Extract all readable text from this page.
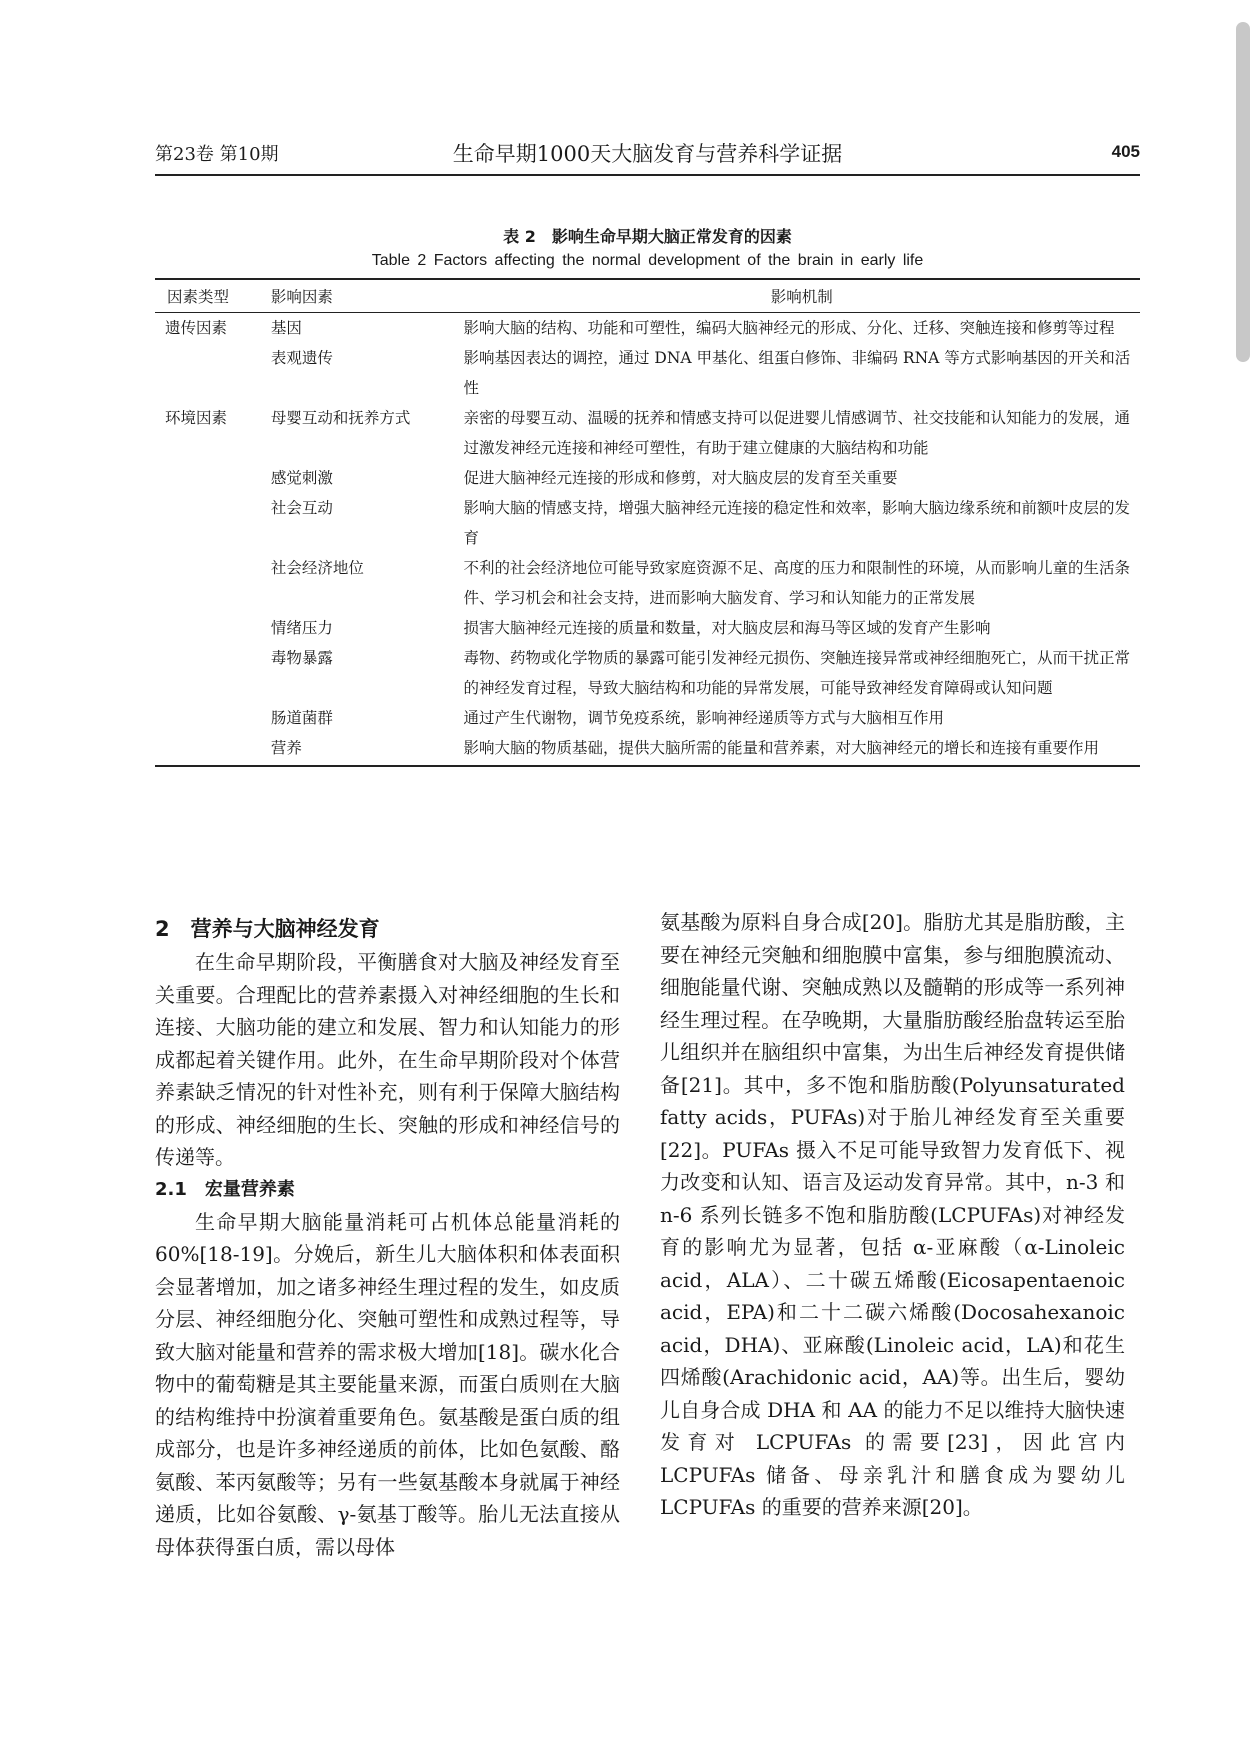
第23卷 第10期	生命早期1000天大脑发育与营养科学证据	405
表 2　影响生命早期大脑正常发育的因素
Table 2 Factors affecting the normal development of the brain in early life
因素类型	影响因素	影响机制
遗传因素	基因	影响大脑的结构、功能和可塑性，编码大脑神经元的形成、分化、迁移、突触连接和修剪等过程
	表观遗传	影响基因表达的调控，通过 DNA 甲基化、组蛋白修饰、非编码 RNA 等方式影响基因的开关和活性
环境因素	母婴互动和抚养方式	亲密的母婴互动、温暖的抚养和情感支持可以促进婴儿情感调节、社交技能和认知能力的发展，通过激发神经元连接和神经可塑性，有助于建立健康的大脑结构和功能
	感觉刺激	促进大脑神经元连接的形成和修剪，对大脑皮层的发育至关重要
	社会互动	影响大脑的情感支持，增强大脑神经元连接的稳定性和效率，影响大脑边缘系统和前额叶皮层的发育
	社会经济地位	不利的社会经济地位可能导致家庭资源不足、高度的压力和限制性的环境，从而影响儿童的生活条件、学习机会和社会支持，进而影响大脑发育、学习和认知能力的正常发展
	情绪压力	损害大脑神经元连接的质量和数量，对大脑皮层和海马等区域的发育产生影响
	毒物暴露	毒物、药物或化学物质的暴露可能引发神经元损伤、突触连接异常或神经细胞死亡，从而干扰正常的神经发育过程，导致大脑结构和功能的异常发展，可能导致神经发育障碍或认知问题
	肠道菌群	通过产生代谢物，调节免疫系统，影响神经递质等方式与大脑相互作用
	营养	影响大脑的物质基础，提供大脑所需的能量和营养素，对大脑神经元的增长和连接有重要作用
2　营养与大脑神经发育

在生命早期阶段，平衡膳食对大脑及神经发育至关重要。合理配比的营养素摄入对神经细胞的生长和连接、大脑功能的建立和发展、智力和认知能力的形成都起着关键作用。此外，在生命早期阶段对个体营养素缺乏情况的针对性补充，则有利于保障大脑结构的形成、神经细胞的生长、突触的形成和神经信号的传递等。

2.1　宏量营养素

生命早期大脑能量消耗可占机体总能量消耗的 60%[18-19]。分娩后，新生儿大脑体积和体表面积会显著增加，加之诸多神经生理过程的发生，如皮质分层、神经细胞分化、突触可塑性和成熟过程等，导致大脑对能量和营养的需求极大增加[18]。碳水化合物中的葡萄糖是其主要能量来源，而蛋白质则在大脑的结构维持中扮演着重要角色。氨基酸是蛋白质的组成部分，也是许多神经递质的前体，比如色氨酸、酪氨酸、苯丙氨酸等；另有一些氨基酸本身就属于神经递质，比如谷氨酸、γ-氨基丁酸等。胎儿无法直接从母体获得蛋白质，需以母体

氨基酸为原料自身合成[20]。脂肪尤其是脂肪酸，主要在神经元突触和细胞膜中富集，参与细胞膜流动、细胞能量代谢、突触成熟以及髓鞘的形成等一系列神经生理过程。在孕晚期，大量脂肪酸经胎盘转运至胎儿组织并在脑组织中富集，为出生后神经发育提供储备[21]。其中，多不饱和脂肪酸(Polyunsaturated fatty acids，PUFAs)对于胎儿神经发育至关重要[22]。PUFAs 摄入不足可能导致智力发育低下、视力改变和认知、语言及运动发育异常。其中，n-3 和 n-6 系列长链多不饱和脂肪酸(LCPUFAs)对神经发育的影响尤为显著，包括 α-亚麻酸（α-Linoleic acid，ALA）、二十碳五烯酸(Eicosapentaenoic acid，EPA)和二十二碳六烯酸(Docosahexanoic acid，DHA)、亚麻酸(Linoleic acid，LA)和花生四烯酸(Arachidonic acid，AA)等。出生后，婴幼儿自身合成 DHA 和 AA 的能力不足以维持大脑快速发育对 LCPUFAs 的需要[23]，因此宫内 LCPUFAs 储备、母亲乳汁和膳食成为婴幼儿 LCPUFAs 的重要的营养来源[20]。
